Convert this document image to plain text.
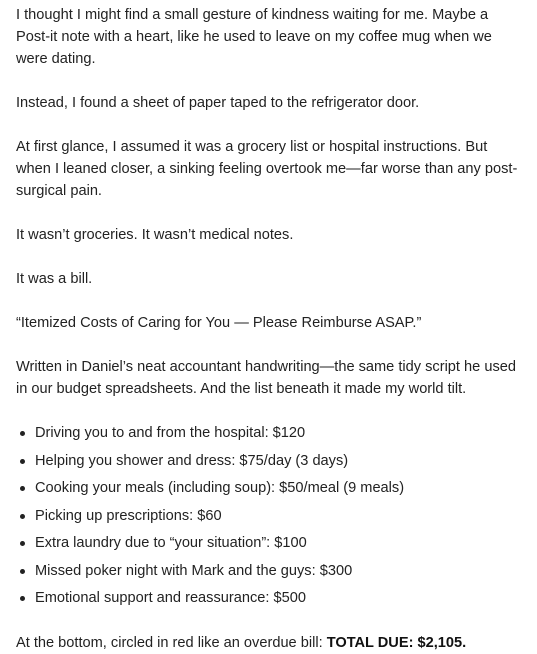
I thought I might find a small gesture of kindness waiting for me. Maybe a Post-it note with a heart, like he used to leave on my coffee mug when we were dating.

Instead, I found a sheet of paper taped to the refrigerator door.

At first glance, I assumed it was a grocery list or hospital instructions. But when I leaned closer, a sinking feeling overtook me—far worse than any post-surgical pain.

It wasn’t groceries. It wasn’t medical notes.

It was a bill.

“Itemized Costs of Caring for You — Please Reimburse ASAP.”

Written in Daniel’s neat accountant handwriting—the same tidy script he used in our budget spreadsheets. And the list beneath it made my world tilt.

Driving you to and from the hospital: $120
Helping you shower and dress: $75/day (3 days)
Cooking your meals (including soup): $50/meal (9 meals)
Picking up prescriptions: $60
Extra laundry due to “your situation”: $100
Missed poker night with Mark and the guys: $300
Emotional support and reassurance: $500

At the bottom, circled in red like an overdue bill: TOTAL DUE: $2,105.
